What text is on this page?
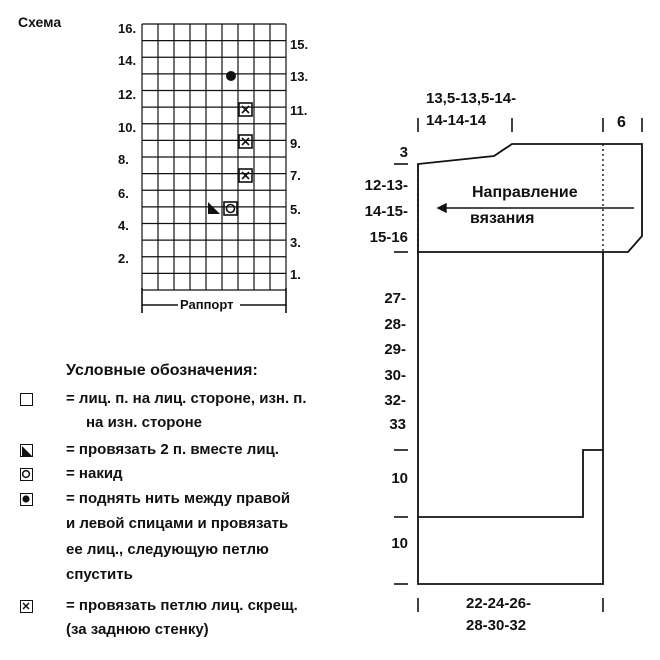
Схема	16.
14.
12.
10.
8.
6.
4.
2.
15.
13.
11.
9.
7.
5.
3.
1.
Раппорт
Условные обозначения:
= лиц. п. на лиц. стороне, изн. п.
на изн. стороне
= провязать 2 п. вместе лиц.
= накид
= поднять нить между правой
и левой спицами и провязать
ее лиц., следующую петлю
спустить
= провязать петлю лиц. скрещ.
(за заднюю стенку)
13,5-13,5-14-
14-14-14	6
3
12-13-
14-15-
15-16
27-
28-
29-
30-
32-
33
10
10
Направление
вязания
22-24-26-
28-30-32
